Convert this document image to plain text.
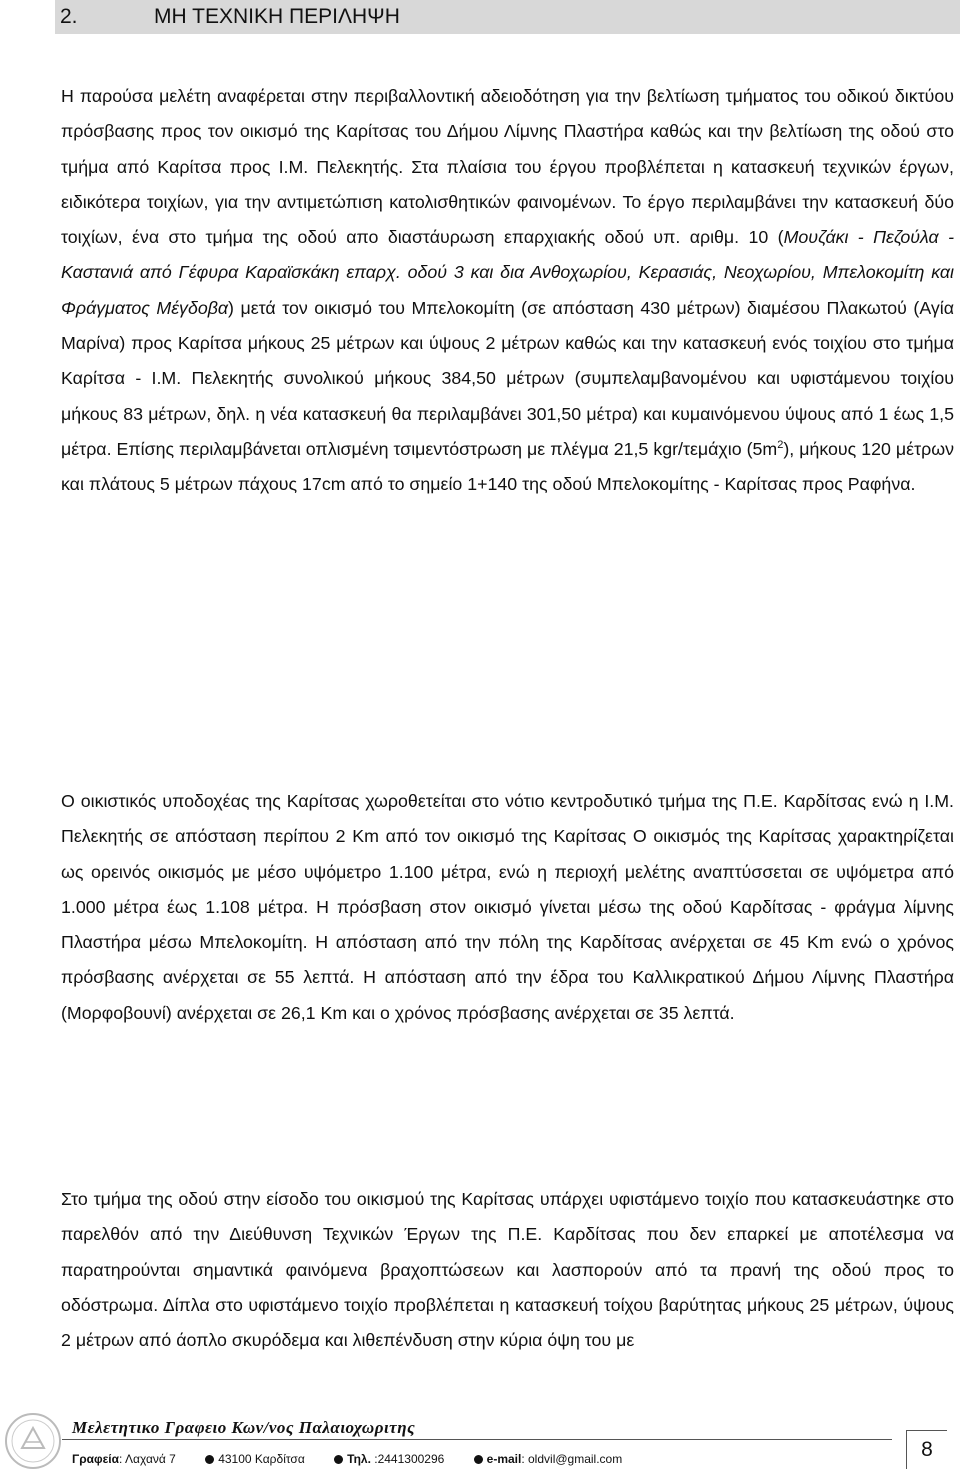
2.	ΜΗ ΤΕΧΝΙΚΗ ΠΕΡΙΛΗΨΗ

Η παρούσα μελέτη αναφέρεται στην περιβαλλοντική αδειοδότηση για την βελτίωση τμήματος του οδικού δικτύου πρόσβασης προς τον οικισμό της Καρίτσας του Δήμου Λίμνης Πλαστήρα καθώς και την βελτίωση της οδού στο τμήμα από Καρίτσα προς Ι.Μ. Πελεκητής. Στα πλαίσια του έργου προβλέπεται η κατασκευή τεχνικών έργων, ειδικότερα τοιχίων, για την αντιμετώπιση κατολισθητικών φαινομένων. Το έργο περιλαμβάνει την κατασκευή δύο τοιχίων, ένα στο τμήμα της οδού απο διαστάυρωση επαρχιακής οδού υπ. αριθμ. 10 (Μουζάκι - Πεζούλα - Καστανιά από Γέφυρα Καραϊσκάκη επαρχ. οδού 3 και δια Ανθοχωρίου, Κερασιάς, Νεοχωρίου, Μπελοκομίτη και Φράγματος Μέγδοβα) μετά τον οικισμό του Μπελοκομίτη (σε απόσταση 430 μέτρων) διαμέσου Πλακωτού (Αγία Μαρίνα) προς Καρίτσα μήκους 25 μέτρων και ύψους 2 μέτρων καθώς και την κατασκευή ενός τοιχίου στο τμήμα Καρίτσα - Ι.Μ. Πελεκητής συνολικού μήκους 384,50 μέτρων (συμπελαμβανομένου και υφιστάμενου τοιχίου μήκους 83 μέτρων, δηλ. η νέα κατασκευή θα περιλαμβάνει 301,50 μέτρα) και κυμαινόμενου ύψους από 1 έως 1,5 μέτρα. Επίσης περιλαμβάνεται οπλισμένη τσιμεντόστρωση με πλέγμα 21,5 kgr/τεμάχιο $(5m^2)$, μήκους 120 μέτρων και πλάτους 5 μέτρων πάχους 17cm από το σημείο 1+140 της οδού Μπελοκομίτης - Καρίτσας προς Ραφήνα.

Ο οικιστικός υποδοχέας της Καρίτσας χωροθετείται στο νότιο κεντροδυτικό τμήμα της Π.Ε. Καρδίτσας ενώ η Ι.Μ. Πελεκητής σε απόσταση περίπου 2 Km από τον οικισμό της Καρίτσας Ο οικισμός της Καρίτσας χαρακτηρίζεται ως ορεινός οικισμός με μέσο υψόμετρο 1.100 μέτρα, ενώ η περιοχή μελέτης αναπτύσσεται σε υψόμετρα από 1.000 μέτρα έως 1.108 μέτρα. Η πρόσβαση στον οικισμό γίνεται μέσω της οδού Καρδίτσας - φράγμα λίμνης Πλαστήρα μέσω Μπελοκομίτη. Η απόσταση από την πόλη της Καρδίτσας ανέρχεται σε 45 Km ενώ ο χρόνος πρόσβασης ανέρχεται σε 55 λεπτά. Η απόσταση από την έδρα του Καλλικρατικού Δήμου Λίμνης Πλαστήρα (Μορφοβουνί) ανέρχεται σε 26,1 Km και ο χρόνος πρόσβασης ανέρχεται σε 35 λεπτά.

Στο τμήμα της οδού στην είσοδο του οικισμού της Καρίτσας υπάρχει υφιστάμενο τοιχίο που κατασκευάστηκε στο παρελθόν από την Διεύθυνση Τεχνικών Έργων της Π.Ε. Καρδίτσας που δεν επαρκεί με αποτέλεσμα να παρατηρούνται σημαντικά φαινόμενα βραχοπτώσεων και λασπορούν από τα πρανή της οδού προς το οδόστρωμα. Δίπλα στο υφιστάμενο τοιχίο προβλέπεται η κατασκευή τοίχου βαρύτητας μήκους 25 μέτρων, ύψους 2 μέτρων από άοπλο σκυρόδεμα και λιθεπένδυση στην κύρια όψη του με

Μελετητικο Γραφειο Κων/νος Παλαιοχωριτης
Γραφεία: Λαχανά 7	43100 Καρδίτσα	Τηλ. :2441300296	e-mail: oldvil@gmail.com	8
